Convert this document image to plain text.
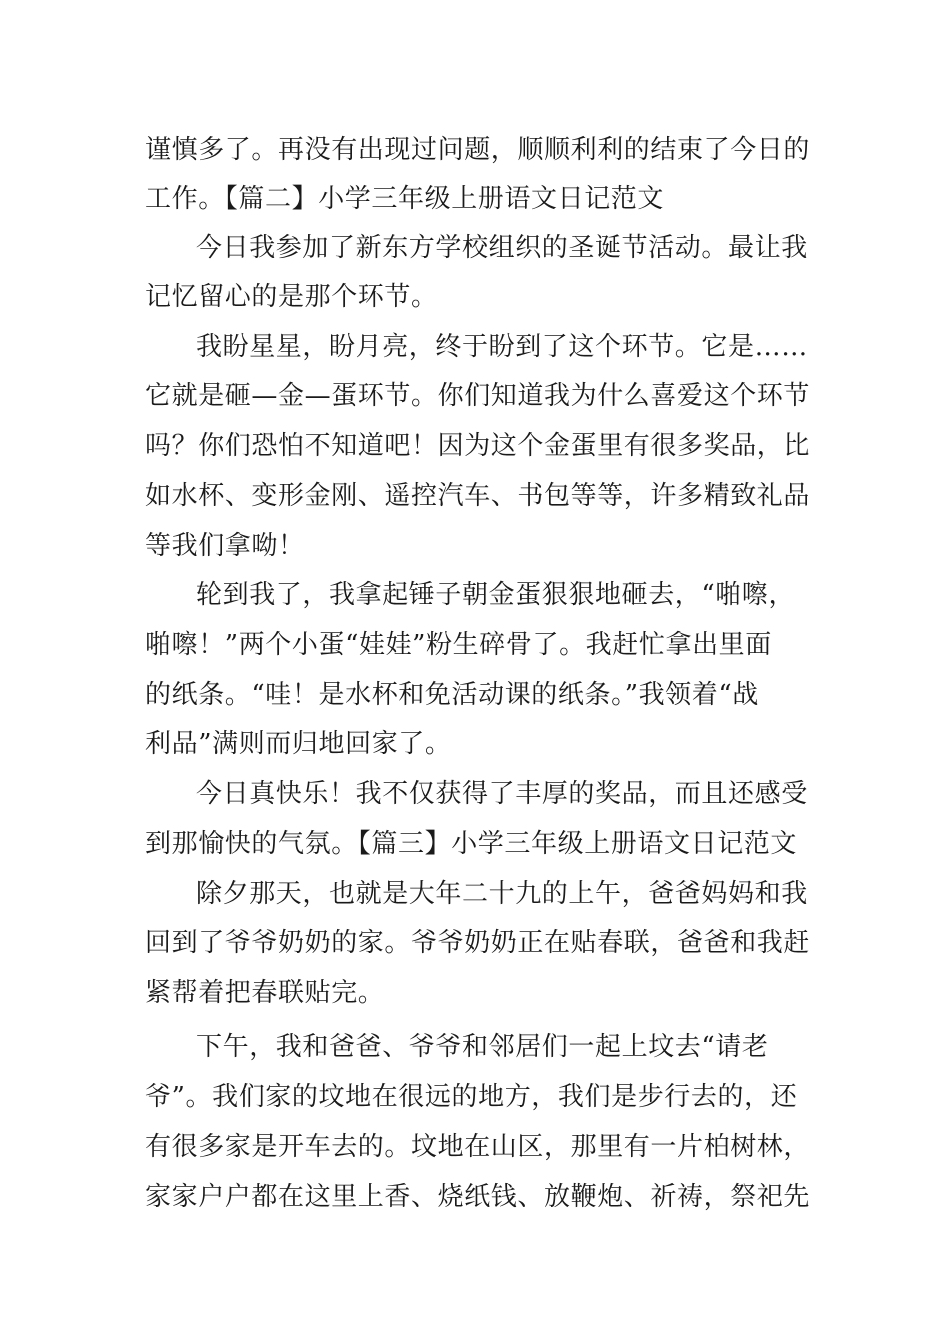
谨慎多了。再没有出现过问题，顺顺利利的结束了今日的
工作。【篇二】小学三年级上册语文日记范文
今日我参加了新东方学校组织的圣诞节活动。最让我
记忆留心的是那个环节。
我盼星星，盼月亮，终于盼到了这个环节。它是……
它就是砸—金—蛋环节。你们知道我为什么喜爱这个环节
吗？你们恐怕不知道吧！因为这个金蛋里有很多奖品，比
如水杯、变形金刚、遥控汽车、书包等等，许多精致礼品
等我们拿呦！
轮到我了，我拿起锤子朝金蛋狠狠地砸去，“啪嚓，
啪嚓！”两个小蛋“娃娃”粉生碎骨了。我赶忙拿出里面
的纸条。“哇！是水杯和免活动课的纸条。”我领着“战
利品”满则而归地回家了。
今日真快乐！我不仅获得了丰厚的奖品，而且还感受
到那愉快的气氛。【篇三】小学三年级上册语文日记范文
除夕那天，也就是大年二十九的上午，爸爸妈妈和我
回到了爷爷奶奶的家。爷爷奶奶正在贴春联，爸爸和我赶
紧帮着把春联贴完。
下午，我和爸爸、爷爷和邻居们一起上坟去“请老
爷”。我们家的坟地在很远的地方，我们是步行去的，还
有很多家是开车去的。坟地在山区，那里有一片柏树林，
家家户户都在这里上香、烧纸钱、放鞭炮、祈祷，祭祀先
